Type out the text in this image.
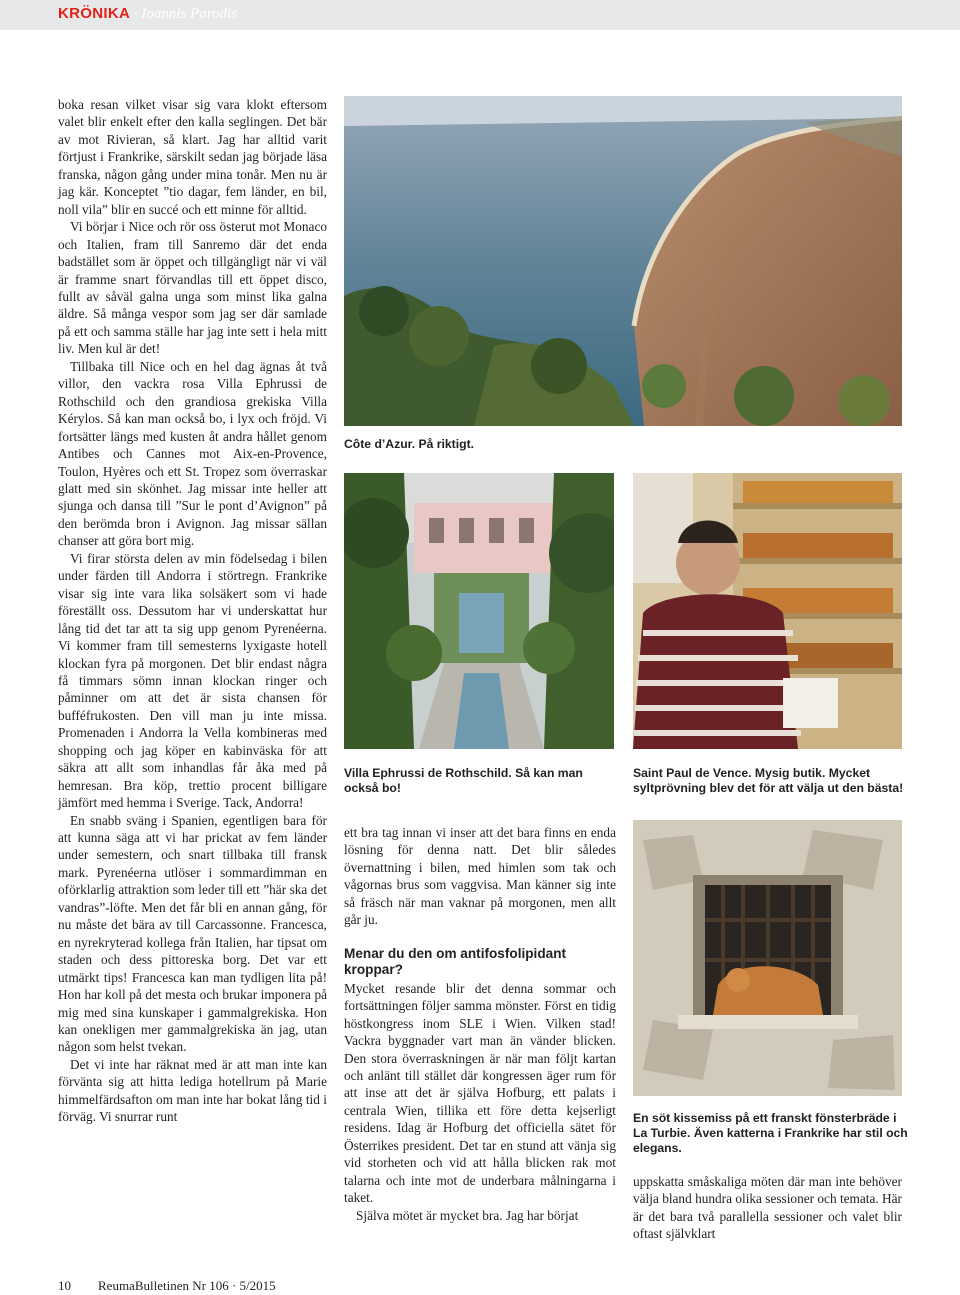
KRÖNIKA · Ioannis Parodis

boka resan vilket visar sig vara klokt eftersom valet blir enkelt efter den kalla seglingen. Det bär av mot Rivieran, så klart. Jag har alltid varit förtjust i Frankrike, särskilt sedan jag började läsa franska, någon gång under mina tonår. Men nu är jag kär. Konceptet ”tio dagar, fem länder, en bil, noll vila” blir en succé och ett minne för alltid.

Vi börjar i Nice och rör oss österut mot Monaco och Italien, fram till Sanremo där det enda badstället som är öppet och tillgängligt när vi väl är framme snart förvandlas till ett öppet disco, fullt av såväl galna unga som minst lika galna äldre. Så många vespor som jag ser där samlade på ett och samma ställe har jag inte sett i hela mitt liv. Men kul är det!

Tillbaka till Nice och en hel dag ägnas åt två villor, den vackra rosa Villa Ephrussi de Rothschild och den grandiosa grekiska Villa Kérylos. Så kan man också bo, i lyx och fröjd. Vi fortsätter längs med kusten åt andra hållet genom Antibes och Cannes mot Aix-en-Provence, Toulon, Hyères och ett St. Tropez som överraskar glatt med sin skönhet. Jag missar inte heller att sjunga och dansa till ”Sur le pont d’Avignon” på den berömda bron i Avignon. Jag missar sällan chanser att göra bort mig.

Vi firar största delen av min födelsedag i bilen under färden till Andorra i störtregn. Frankrike visar sig inte vara lika solsäkert som vi hade föreställt oss. Dessutom har vi underskattat hur lång tid det tar att ta sig upp genom Pyrenéerna. Vi kommer fram till semesterns lyxigaste hotell klockan fyra på morgonen. Det blir endast några få timmars sömn innan klockan ringer och påminner om att det är sista chansen för bufféfrukosten. Den vill man ju inte missa. Promenaden i Andorra la Vella kombineras med shopping och jag köper en kabinväska för att säkra att allt som inhandlas får åka med på hemresan. Bra köp, trettio procent billigare jämfört med hemma i Sverige. Tack, Andorra!

En snabb sväng i Spanien, egentligen bara för att kunna säga att vi har prickat av fem länder under semestern, och snart tillbaka till fransk mark. Pyrenéerna utlöser i sommardimman en oförklarlig attraktion som leder till ett ”här ska det vandras”-löfte. Men det får bli en annan gång, för nu måste det bära av till Carcassonne. Francesca, en nyrekryterad kollega från Italien, har tipsat om staden och dess pittoreska borg. Det var ett utmärkt tips! Francesca kan man tydligen lita på! Hon har koll på det mesta och brukar imponera på mig med sina kunskaper i gammalgrekiska. Hon kan onekligen mer gammalgrekiska än jag, utan någon som helst tvekan.

Det vi inte har räknat med är att man inte kan förvänta sig att hitta lediga hotellrum på Marie himmelfärdsafton om man inte har bokat lång tid i förväg. Vi snurrar runt

Côte d’Azur. På riktigt.
Villa Ephrussi de Rothschild. Så kan man också bo!
Saint Paul de Vence. Mysig butik. Mycket syltprövning blev det för att välja ut den bästa!

ett bra tag innan vi inser att det bara finns en enda lösning för denna natt. Det blir således övernattning i bilen, med himlen som tak och vågornas brus som vaggvisa. Man känner sig inte så fräsch när man vaknar på morgonen, men allt går ju.

Menar du den om antifosfolipidant kroppar?

Mycket resande blir det denna sommar och fortsättningen följer samma mönster. Först en tidig höstkongress inom SLE i Wien. Vilken stad! Vackra byggnader vart man än vänder blicken. Den stora överraskningen är när man följt kartan och anlänt till stället där kongressen äger rum för att inse att det är själva Hofburg, ett palats i centrala Wien, tillika ett före detta kejserligt residens. Idag är Hofburg det officiella sätet för Österrikes president. Det tar en stund att vänja sig vid storheten och vid att hålla blicken rak mot talarna och inte mot de underbara målningarna i taket.

Själva mötet är mycket bra. Jag har börjat

En söt kissemiss på ett franskt fönsterbräde i La Turbie. Även katterna i Frankrike har stil och elegans.

uppskatta småskaliga möten där man inte behöver välja bland hundra olika sessioner och temata. Här är det bara två parallella sessioner och valet blir oftast självklart

10 ReumaBulletinen Nr 106 · 5/2015
